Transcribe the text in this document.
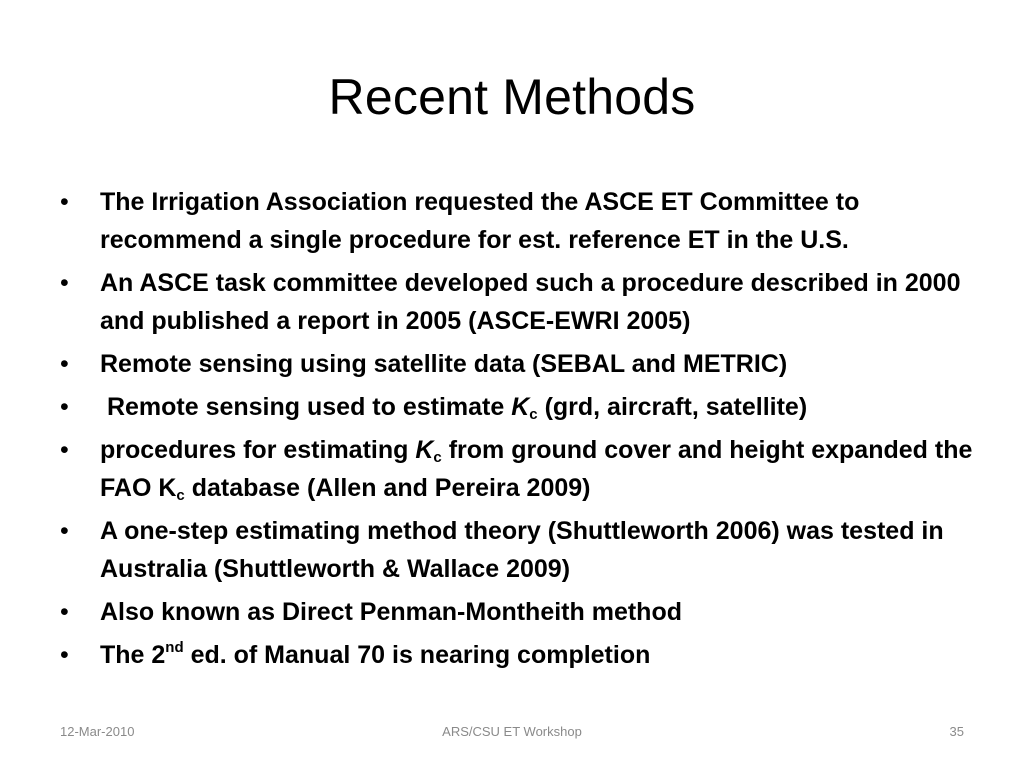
Recent Methods
• The Irrigation Association requested the ASCE ET Committee to recommend a single procedure for est. reference ET in the U.S.
• An ASCE task committee developed such a procedure described in 2000 and published a report in 2005 (ASCE-EWRI 2005)
• Remote sensing using satellite data (SEBAL and METRIC)
•  Remote sensing used to estimate $K_c$ (grd, aircraft, satellite)
• procedures for estimating $K_c$ from ground cover and height expanded the FAO $K_c$ database (Allen and Pereira 2009)
• A one-step estimating method theory (Shuttleworth 2006) was tested in Australia (Shuttleworth & Wallace 2009)
• Also known as Direct Penman-Montheith method
• The 2nd ed. of Manual 70 is nearing completion
12-Mar-2010	ARS/CSU ET Workshop	35
